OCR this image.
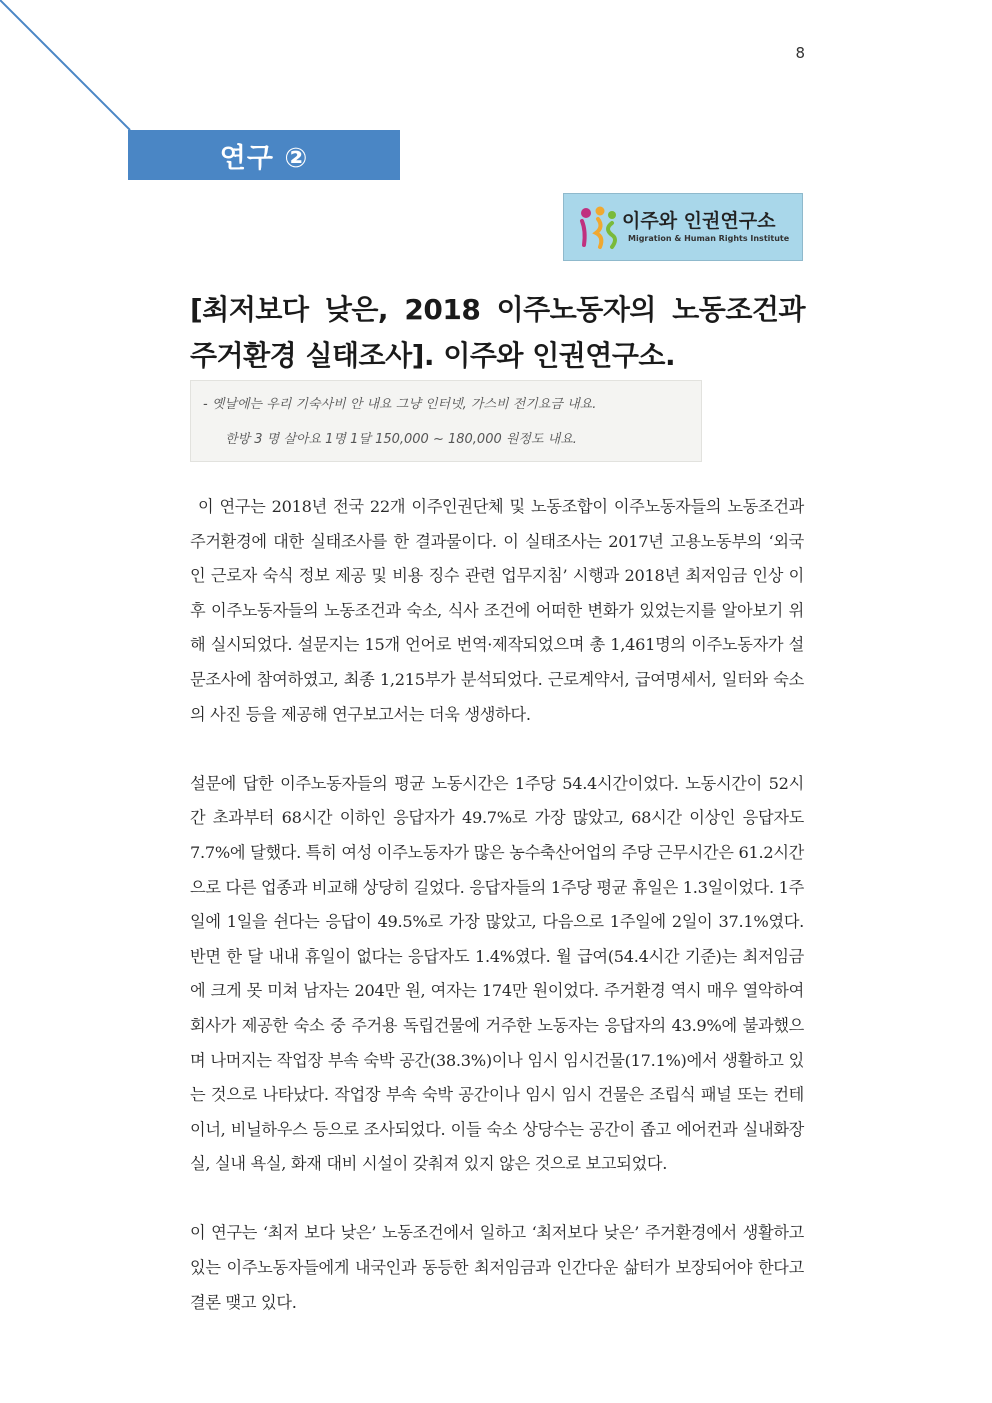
8
연구 ②
이주와 인권연구소
Migration & Human Rights Institute
[최저보다 낮은, 2018 이주노동자의 노동조건과 주거환경 실태조사]. 이주와 인권연구소.
- 옛날에는 우리 기숙사비 안 내요 그냥 인터넷, 가스비 전기요금 내요.
한방 3 명 살아요 1명 1달 150,000 ~ 180,000 원정도 내요.

이 연구는 2018년 전국 22개 이주인권단체 및 노동조합이 이주노동자들의 노동조건과 주거환경에 대한 실태조사를 한 결과물이다. 이 실태조사는 2017년 고용노동부의 ‘외국인 근로자 숙식 정보 제공 및 비용 징수 관련 업무지침’ 시행과 2018년 최저임금 인상 이후 이주노동자들의 노동조건과 숙소, 식사 조건에 어떠한 변화가 있었는지를 알아보기 위해 실시되었다. 설문지는 15개 언어로 번역·제작되었으며 총 1,461명의 이주노동자가 설문조사에 참여하였고, 최종 1,215부가 분석되었다. 근로계약서, 급여명세서, 일터와 숙소의 사진 등을 제공해 연구보고서는 더욱 생생하다.

설문에 답한 이주노동자들의 평균 노동시간은 1주당 54.4시간이었다. 노동시간이 52시간 초과부터 68시간 이하인 응답자가 49.7%로 가장 많았고, 68시간 이상인 응답자도 7.7%에 달했다. 특히 여성 이주노동자가 많은 농수축산어업의 주당 근무시간은 61.2시간으로 다른 업종과 비교해 상당히 길었다. 응답자들의 1주당 평균 휴일은 1.3일이었다. 1주일에 1일을 쉰다는 응답이 49.5%로 가장 많았고, 다음으로 1주일에 2일이 37.1%였다. 반면 한 달 내내 휴일이 없다는 응답자도 1.4%였다. 월 급여(54.4시간 기준)는 최저임금에 크게 못 미쳐 남자는 204만 원, 여자는 174만 원이었다. 주거환경 역시 매우 열악하여 회사가 제공한 숙소 중 주거용 독립건물에 거주한 노동자는 응답자의 43.9%에 불과했으며 나머지는 작업장 부속 숙박 공간(38.3%)이나 임시 임시건물(17.1%)에서 생활하고 있는 것으로 나타났다. 작업장 부속 숙박 공간이나 임시 임시 건물은 조립식 패널 또는 컨테이너, 비닐하우스 등으로 조사되었다. 이들 숙소 상당수는 공간이 좁고 에어컨과 실내화장실, 실내 욕실, 화재 대비 시설이 갖춰져 있지 않은 것으로 보고되었다.

이 연구는 ‘최저 보다 낮은’ 노동조건에서 일하고 ‘최저보다 낮은’ 주거환경에서 생활하고 있는 이주노동자들에게 내국인과 동등한 최저임금과 인간다운 삶터가 보장되어야 한다고 결론 맺고 있다.
